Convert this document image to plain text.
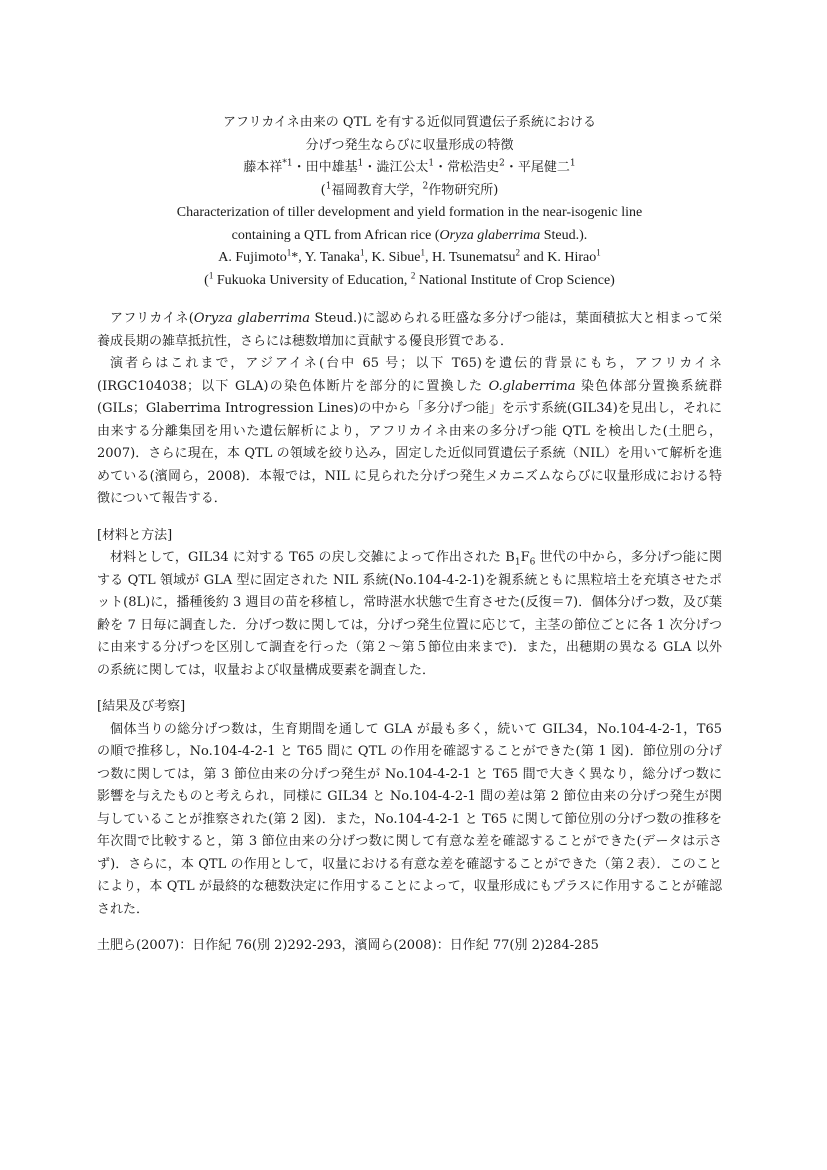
アフリカイネ由来の QTL を有する近似同質遺伝子系統における
分げつ発生ならびに収量形成の特徴
藤本祥$^{*1}$・田中雄基$^1$・澁江公太$^1$・常松浩史$^2$・平尾健二$^1$
($^1$福岡教育大学，$^2$作物研究所)
Characterization of tiller development and yield formation in the near-isogenic line
containing a QTL from African rice (Oryza glaberrima Steud.).
A. Fujimoto$^1$*, Y. Tanaka$^1$, K. Sibue$^1$, H. Tsunematsu$^2$ and K. Hirao$^1$
($^1$ Fukuoka University of Education, $^2$ National Institute of Crop Science)

アフリカイネ(Oryza glaberrima Steud.)に認められる旺盛な多分げつ能は，葉面積拡大と相まって栄養成長期の雑草抵抗性，さらには穂数増加に貢献する優良形質である．

演者らはこれまで，アジアイネ(台中 65 号；以下 T65)を遺伝的背景にもち，アフリカイネ(IRGC104038；以下 GLA)の染色体断片を部分的に置換した O.glaberrima 染色体部分置換系統群(GILs；Glaberrima Introgression Lines)の中から「多分げつ能」を示す系統(GIL34)を見出し，それに由来する分離集団を用いた遺伝解析により，アフリカイネ由来の多分げつ能 QTL を検出した(土肥ら，2007)．さらに現在，本 QTL の領域を絞り込み，固定した近似同質遺伝子系統（NIL）を用いて解析を進めている(濱岡ら，2008)．本報では，NIL に見られた分げつ発生メカニズムならびに収量形成における特徴について報告する．

[材料と方法]

材料として，GIL34 に対する T65 の戻し交雑によって作出された $B_1F_6$ 世代の中から，多分げつ能に関する QTL 領域が GLA 型に固定された NIL 系統(No.104-4-2-1)を親系統ともに黒粒培土を充填させたポット(8L)に，播種後約 3 週目の苗を移植し，常時湛水状態で生育させた(反復＝7)．個体分げつ数，及び葉齢を 7 日毎に調査した．分げつ数に関しては，分げつ発生位置に応じて，主茎の節位ごとに各 1 次分げつに由来する分げつを区別して調査を行った（第２～第５節位由来まで)．また，出穂期の異なる GLA 以外の系統に関しては，収量および収量構成要素を調査した．

[結果及び考察]

個体当りの総分げつ数は，生育期間を通して GLA が最も多く，続いて GIL34，No.104-4-2-1，T65 の順で推移し，No.104-4-2-1 と T65 間に QTL の作用を確認することができた(第 1 図)．節位別の分げつ数に関しては，第 3 節位由来の分げつ発生が No.104-4-2-1 と T65 間で大きく異なり，総分げつ数に影響を与えたものと考えられ，同様に GIL34 と No.104-4-2-1 間の差は第 2 節位由来の分げつ発生が関与していることが推察された(第 2 図)．また，No.104-4-2-1 と T65 に関して節位別の分げつ数の推移を年次間で比較すると，第 3 節位由来の分げつ数に関して有意な差を確認することができた(データは示さず)．さらに，本 QTL の作用として，収量における有意な差を確認することができた（第２表）．このことにより，本 QTL が最終的な穂数決定に作用することによって，収量形成にもプラスに作用することが確認された．

土肥ら(2007)：日作紀 76(別 2)292-293，濱岡ら(2008)：日作紀 77(別 2)284-285
